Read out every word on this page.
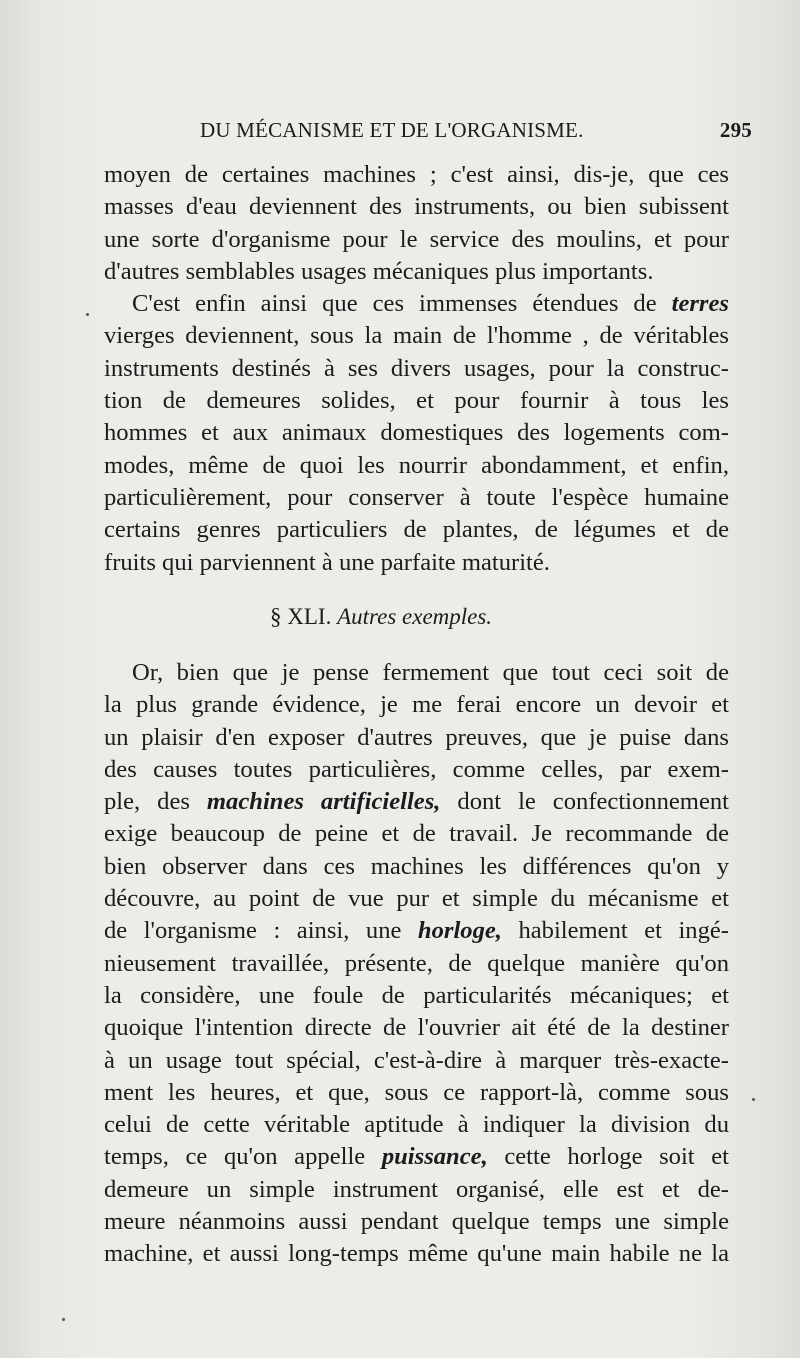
DU MÉCANISME ET DE L'ORGANISME.	295
moyen de certaines machines ; c'est ainsi, dis-je, que ces
masses d'eau deviennent des instruments, ou bien subissent
une sorte d'organisme pour le service des moulins, et pour
d'autres semblables usages mécaniques plus importants.
C'est enfin ainsi que ces immenses étendues de terres
vierges deviennent, sous la main de l'homme , de véritables
instruments destinés à ses divers usages, pour la construc-
tion de demeures solides, et pour fournir à tous les
hommes et aux animaux domestiques des logements com-
modes, même de quoi les nourrir abondamment, et enfin,
particulièrement, pour conserver à toute l'espèce humaine
certains genres particuliers de plantes, de légumes et de
fruits qui parviennent à une parfaite maturité.
§ XLI. Autres exemples.
Or, bien que je pense fermement que tout ceci soit de
la plus grande évidence, je me ferai encore un devoir et
un plaisir d'en exposer d'autres preuves, que je puise dans
des causes toutes particulières, comme celles, par exem-
ple, des machines artificielles, dont le confectionnement
exige beaucoup de peine et de travail. Je recommande de
bien observer dans ces machines les différences qu'on y
découvre, au point de vue pur et simple du mécanisme et
de l'organisme : ainsi, une horloge, habilement et ingé-
nieusement travaillée, présente, de quelque manière qu'on
la considère, une foule de particularités mécaniques; et
quoique l'intention directe de l'ouvrier ait été de la destiner
à un usage tout spécial, c'est-à-dire à marquer très-exacte-
ment les heures, et que, sous ce rapport-là, comme sous
celui de cette véritable aptitude à indiquer la division du
temps, ce qu'on appelle puissance, cette horloge soit et
demeure un simple instrument organisé, elle est et de-
meure néanmoins aussi pendant quelque temps une simple
machine, et aussi long-temps même qu'une main habile ne la
